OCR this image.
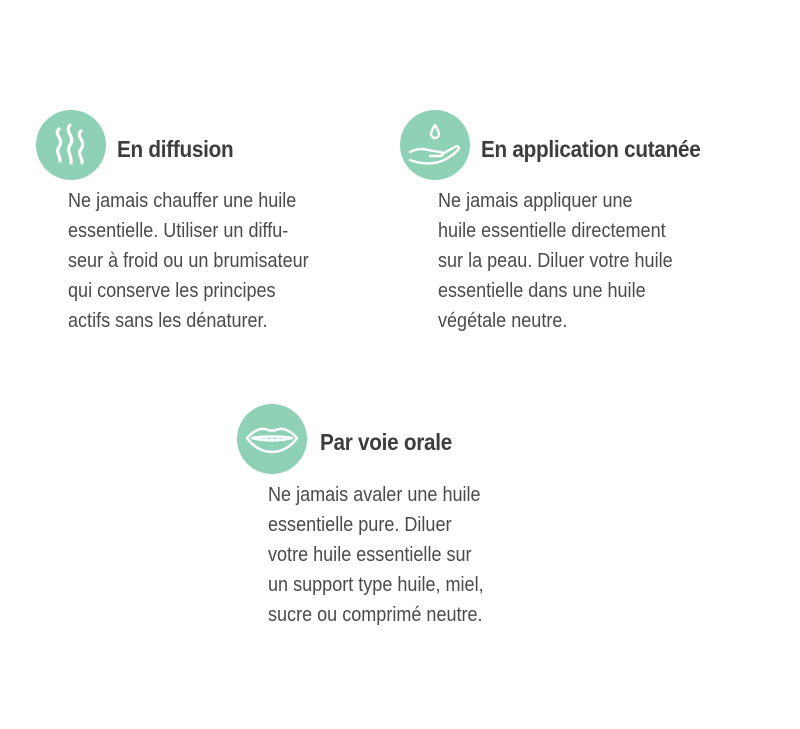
En diffusion
Ne jamais chauffer une huile
essentielle. Utiliser un diffu-
seur à froid ou un brumisateur
qui conserve les principes
actifs sans les dénaturer.
En application cutanée
Ne jamais appliquer une
huile essentielle directement
sur la peau. Diluer votre huile
essentielle dans une huile
végétale neutre.
Par voie orale
Ne jamais avaler une huile
essentielle pure. Diluer
votre huile essentielle sur
un support type huile, miel,
sucre ou comprimé neutre.
